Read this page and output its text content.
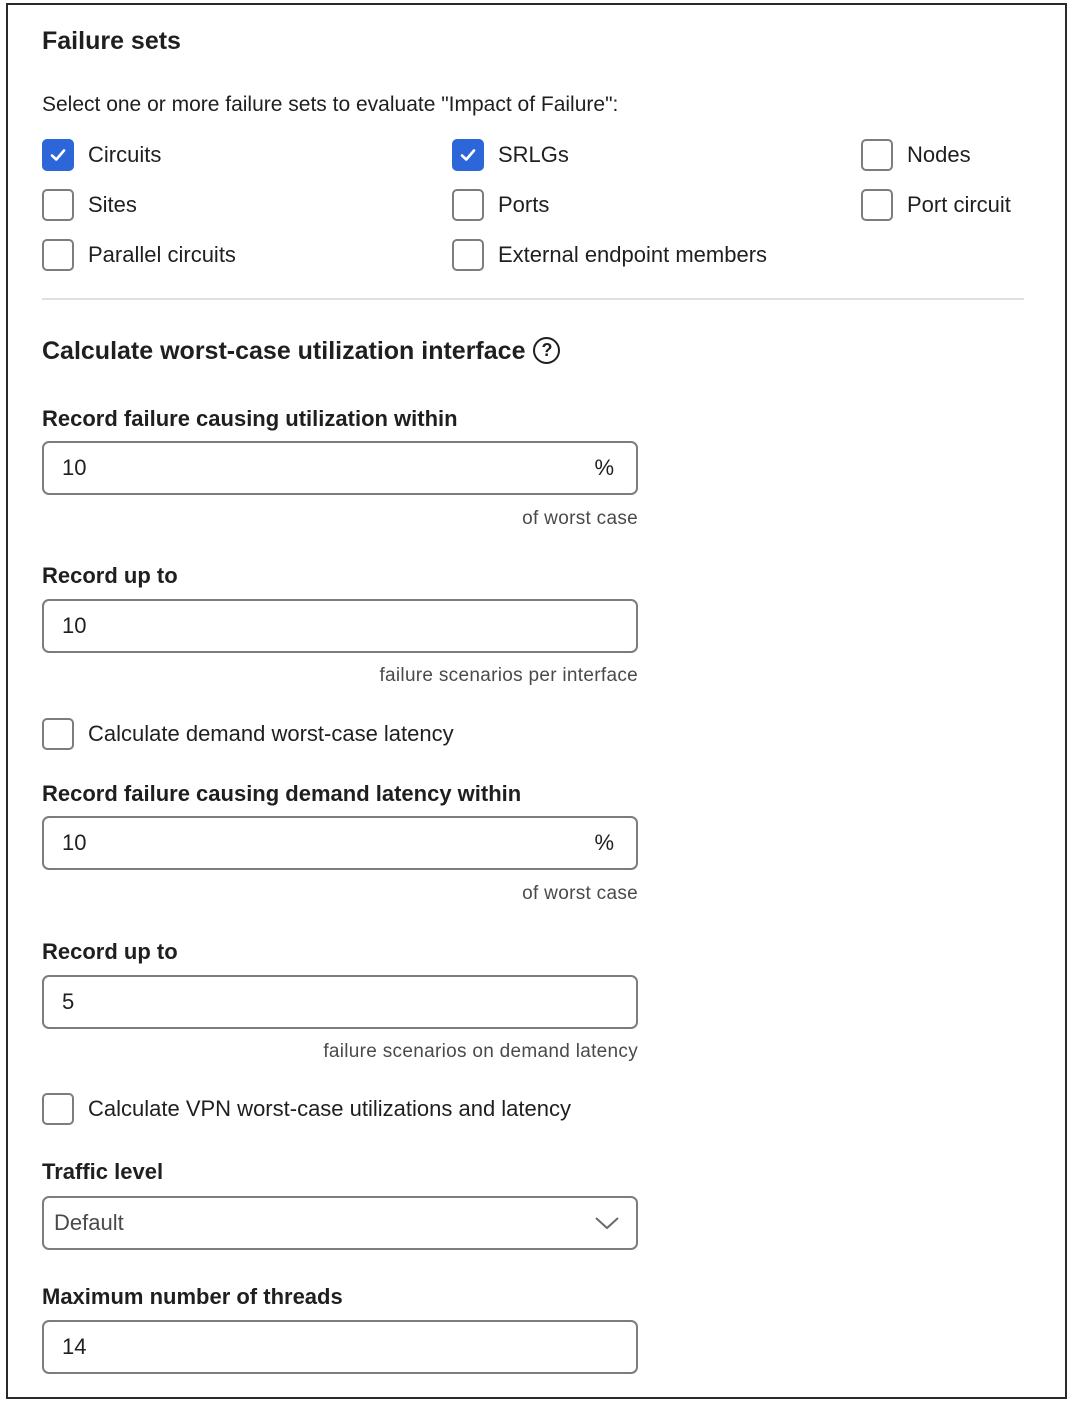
Failure sets
Select one or more failure sets to evaluate "Impact of Failure":
Circuits	SRLGs	Nodes
Sites	Ports	Port circuit
Parallel circuits	External endpoint members
Calculate worst-case utilization interface ?
Record failure causing utilization within
10	%
of worst case
Record up to
10
failure scenarios per interface
Calculate demand worst-case latency
Record failure causing demand latency within
10	%
of worst case
Record up to
5
failure scenarios on demand latency
Calculate VPN worst-case utilizations and latency
Traffic level
Default
Maximum number of threads
14
